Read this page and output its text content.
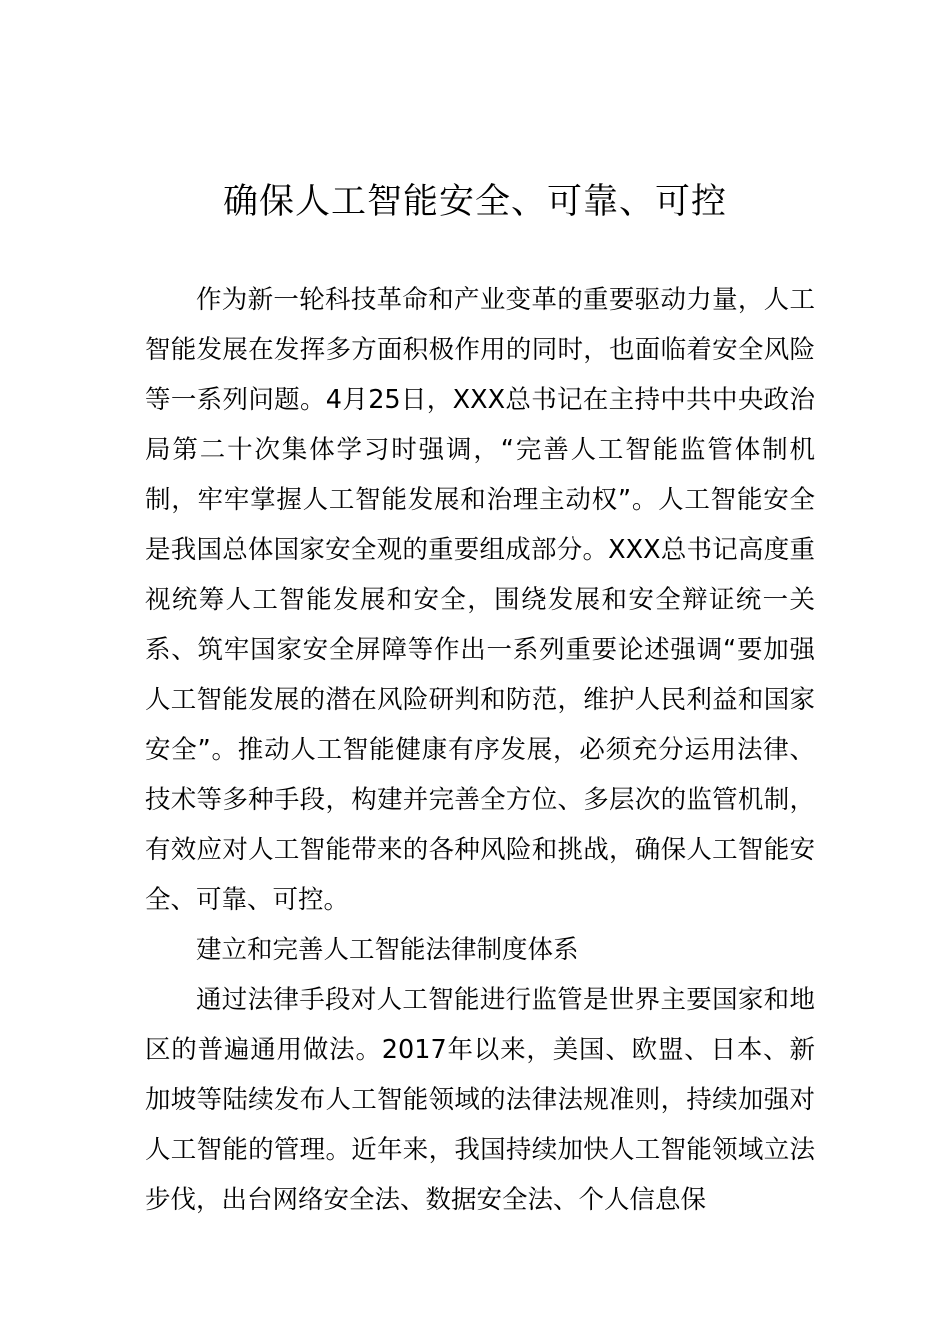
确保人工智能安全、可靠、可控

作为新一轮科技革命和产业变革的重要驱动力量，人工智能发展在发挥多方面积极作用的同时，也面临着安全风险等一系列问题。4月25日，XXX总书记在主持中共中央政治局第二十次集体学习时强调，“完善人工智能监管体制机制，牢牢掌握人工智能发展和治理主动权”。人工智能安全是我国总体国家安全观的重要组成部分。XXX总书记高度重视统筹人工智能发展和安全，围绕发展和安全辩证统一关系、筑牢国家安全屏障等作出一系列重要论述强调“要加强人工智能发展的潜在风险研判和防范，维护人民利益和国家安全”。推动人工智能健康有序发展，必须充分运用法律、技术等多种手段，构建并完善全方位、多层次的监管机制，有效应对人工智能带来的各种风险和挑战，确保人工智能安全、可靠、可控。

建立和完善人工智能法律制度体系

通过法律手段对人工智能进行监管是世界主要国家和地区的普遍通用做法。2017年以来，美国、欧盟、日本、新加坡等陆续发布人工智能领域的法律法规准则，持续加强对人工智能的管理。近年来，我国持续加快人工智能领域立法步伐，出台网络安全法、数据安全法、个人信息保
